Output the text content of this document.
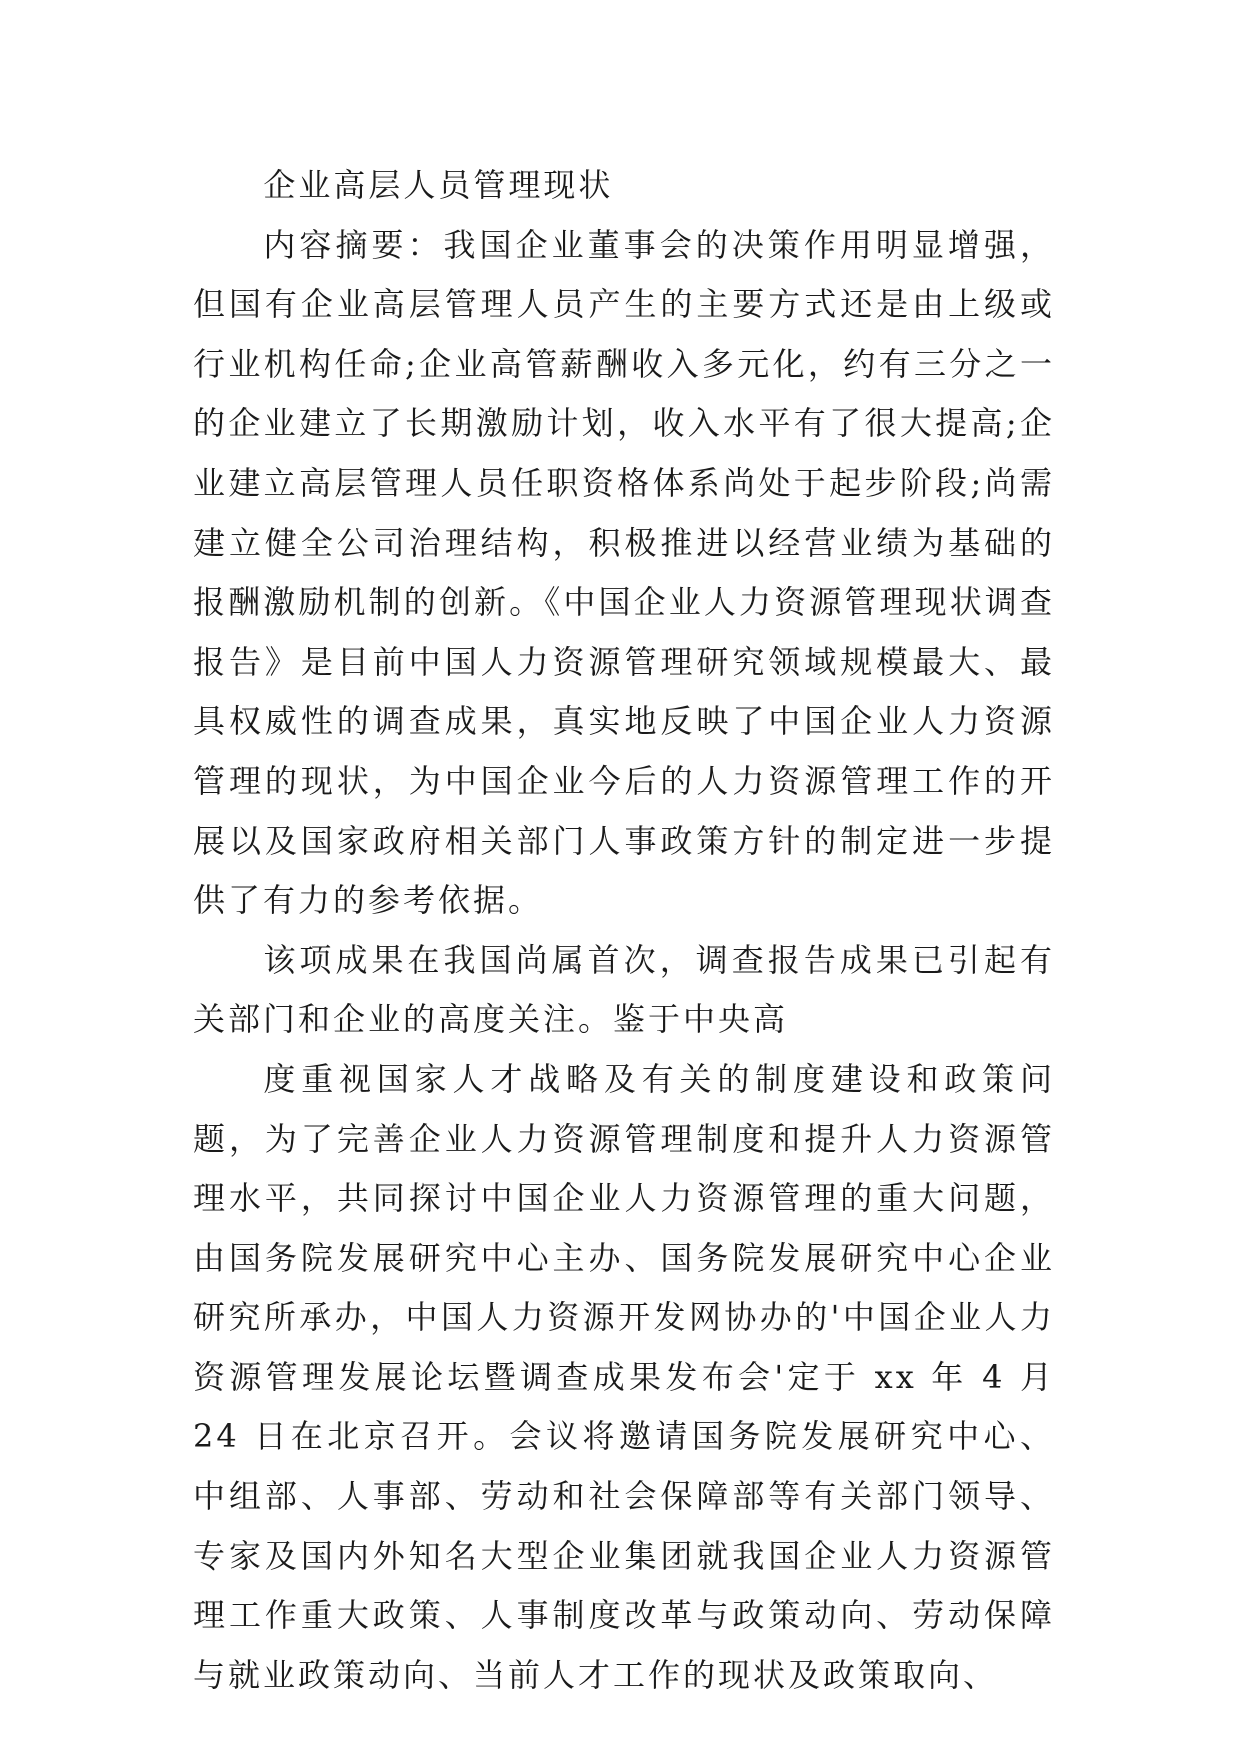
企业高层人员管理现状

内容摘要：我国企业董事会的决策作用明显增强，但国有企业高层管理人员产生的主要方式还是由上级或行业机构任命;企业高管薪酬收入多元化，约有三分之一的企业建立了长期激励计划，收入水平有了很大提高;企业建立高层管理人员任职资格体系尚处于起步阶段;尚需建立健全公司治理结构，积极推进以经营业绩为基础的报酬激励机制的创新。《中国企业人力资源管理现状调查报告》是目前中国人力资源管理研究领域规模最大、最具权威性的调查成果，真实地反映了中国企业人力资源管理的现状，为中国企业今后的人力资源管理工作的开展以及国家政府相关部门人事政策方针的制定进一步提供了有力的参考依据。

该项成果在我国尚属首次，调查报告成果已引起有关部门和企业的高度关注。鉴于中央高

度重视国家人才战略及有关的制度建设和政策问题，为了完善企业人力资源管理制度和提升人力资源管理水平，共同探讨中国企业人力资源管理的重大问题，由国务院发展研究中心主办、国务院发展研究中心企业研究所承办，中国人力资源开发网协办的'中国企业人力资源管理发展论坛暨调查成果发布会'定于 xx 年 4 月 24 日在北京召开。会议将邀请国务院发展研究中心、中组部、人事部、劳动和社会保障部等有关部门领导、专家及国内外知名大型企业集团就我国企业人力资源管理工作重大政策、人事制度改革与政策动向、劳动保障与就业政策动向、当前人才工作的现状及政策取向、
